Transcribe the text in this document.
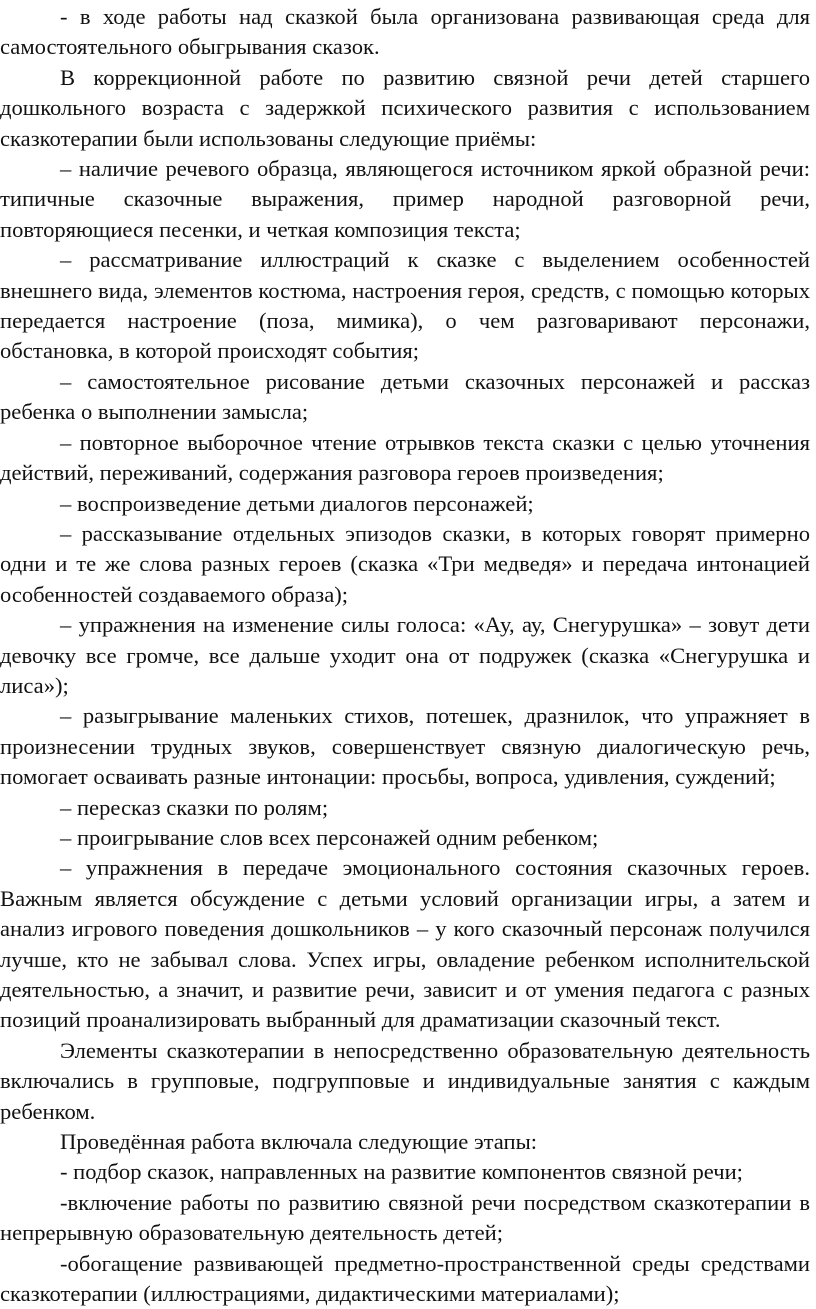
- в ходе работы над сказкой была организована развивающая среда для самостоятельного обыгрывания сказок.

В коррекционной работе по развитию связной речи детей старшего дошкольного возраста с задержкой психического развития с использованием сказкотерапии были использованы следующие приёмы:

– наличие речевого образца, являющегося источником яркой образной речи: типичные сказочные выражения, пример народной разговорной речи, повторяющиеся песенки, и четкая композиция текста;

– рассматривание иллюстраций к сказке с выделением особенностей внешнего вида, элементов костюма, настроения героя, средств, с помощью которых передается настроение (поза, мимика), о чем разговаривают персонажи, обстановка, в которой происходят события;

– самостоятельное рисование детьми сказочных персонажей и рассказ ребенка о выполнении замысла;

– повторное выборочное чтение отрывков текста сказки с целью уточнения действий, переживаний, содержания разговора героев произведения;

– воспроизведение детьми диалогов персонажей;

– рассказывание отдельных эпизодов сказки, в которых говорят примерно одни и те же слова разных героев (сказка «Три медведя» и передача интонацией особенностей создаваемого образа);

– упражнения на изменение силы голоса: «Ау, ау, Снегурушка» – зовут дети девочку все громче, все дальше уходит она от подружек (сказка «Снегурушка и лиса»);

– разыгрывание маленьких стихов, потешек, дразнилок, что упражняет в произнесении трудных звуков, совершенствует связную диалогическую речь, помогает осваивать разные интонации: просьбы, вопроса, удивления, суждений;

– пересказ сказки по ролям;

– проигрывание слов всех персонажей одним ребенком;

– упражнения в передаче эмоционального состояния сказочных героев. Важным является обсуждение с детьми условий организации игры, а затем и анализ игрового поведения дошкольников – у кого сказочный персонаж получился лучше, кто не забывал слова. Успех игры, овладение ребенком исполнительской деятельностью, а значит, и развитие речи, зависит и от умения педагога с разных позиций проанализировать выбранный для драматизации сказочный текст.

Элементы сказкотерапии в непосредственно образовательную деятельность включались в групповые, подгрупповые и индивидуальные занятия с каждым ребенком.

Проведённая работа включала следующие этапы:

- подбор сказок, направленных на развитие компонентов связной речи;

-включение работы по развитию связной речи посредством сказкотерапии в непрерывную образовательную деятельность детей;

-обогащение развивающей предметно-пространственной среды средствами сказкотерапии (иллюстрациями, дидактическими материалами);
